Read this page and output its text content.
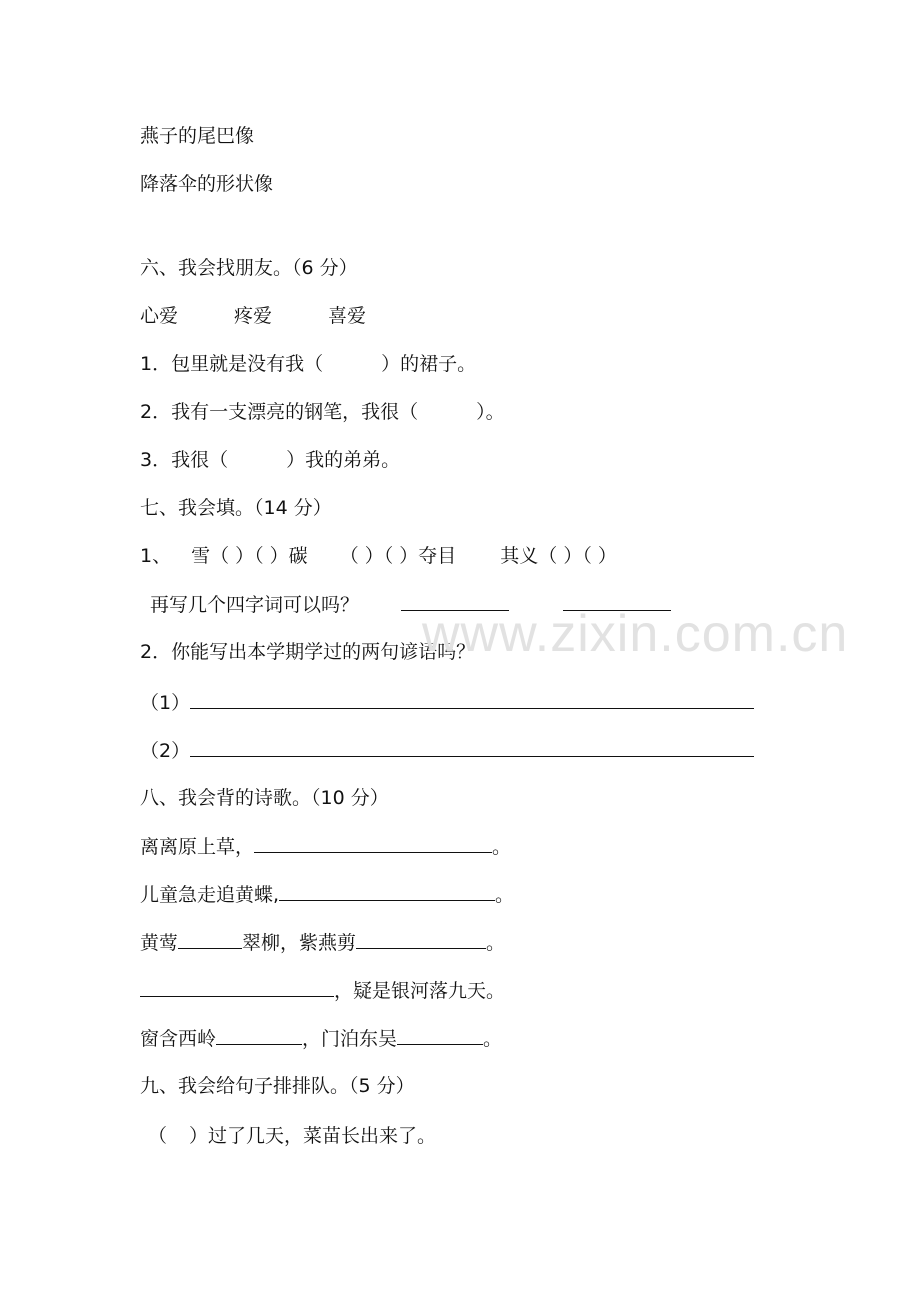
燕子的尾巴像
降落伞的形状像
六、我会找朋友。（6 分）
心爱	疼爱	喜爱
1．包里就是没有我（	）的裙子。
2．我有一支漂亮的钢笔，我很（	）。
3．我很（	）我的弟弟。
七、我会填。（14 分）
1、 雪（ ）（ ）碳 （ ）（ ）夺目 其义（ ）（ ）
再写几个四字词可以吗？
2．你能写出本学期学过的两句谚语吗？
（1）
（2）
八、我会背的诗歌。（10 分）
离离原上草，	。
儿童急走追黄蝶,	。
黄莺	翠柳，紫燕剪	。
，疑是银河落九天。
窗含西岭	，门泊东吴	。
九、我会给句子排排队。（5 分）
（ ）过了几天，菜苗长出来了。
www.zixin.com.cn
